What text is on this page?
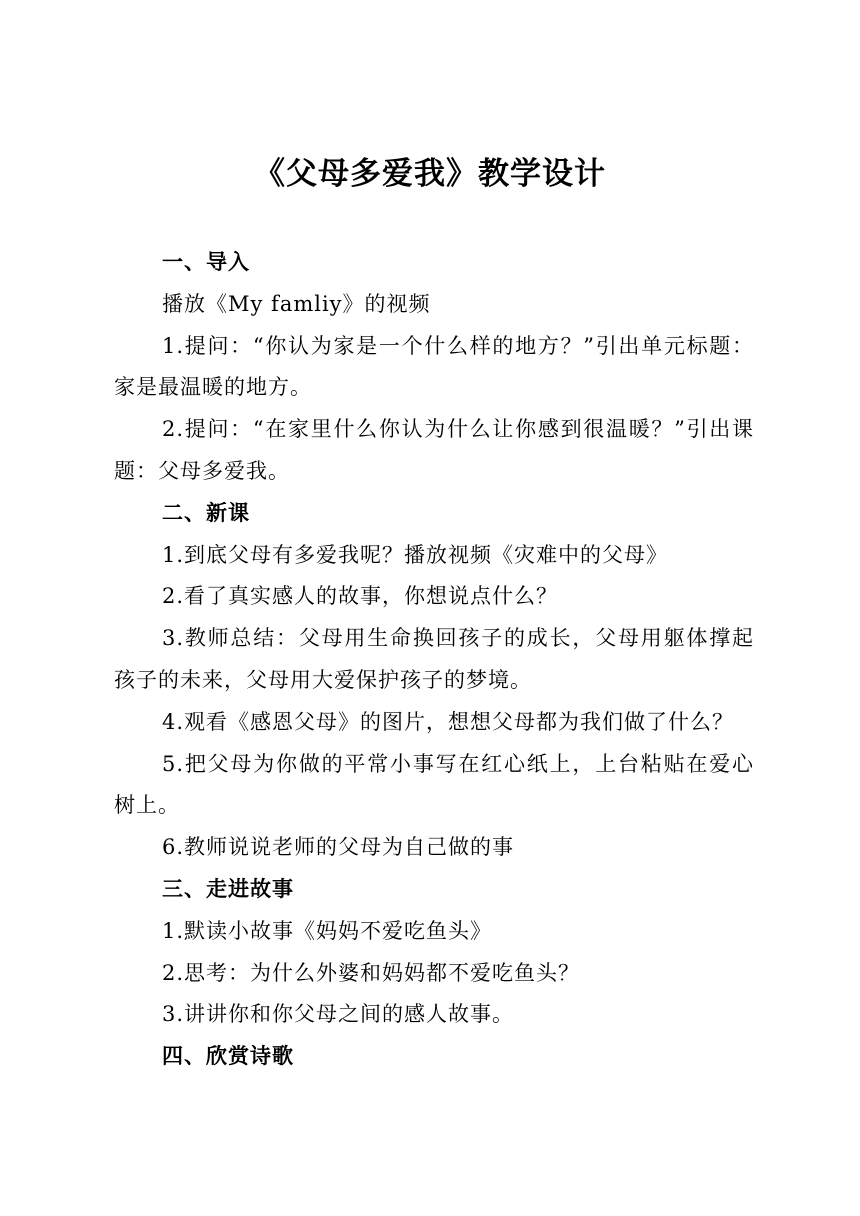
《父母多爱我》教学设计

一、导入

播放《My famliy》的视频

1.提问：“你认为家是一个什么样的地方？”引出单元标题：家是最温暖的地方。

2.提问：“在家里什么你认为什么让你感到很温暖？”引出课题：父母多爱我。

二、新课

1.到底父母有多爱我呢？播放视频《灾难中的父母》

2.看了真实感人的故事，你想说点什么？

3.教师总结：父母用生命换回孩子的成长，父母用躯体撑起孩子的未来，父母用大爱保护孩子的梦境。

4.观看《感恩父母》的图片，想想父母都为我们做了什么？

5.把父母为你做的平常小事写在红心纸上，上台粘贴在爱心树上。

6.教师说说老师的父母为自己做的事

三、走进故事

1.默读小故事《妈妈不爱吃鱼头》

2.思考：为什么外婆和妈妈都不爱吃鱼头？

3.讲讲你和你父母之间的感人故事。

四、欣赏诗歌
